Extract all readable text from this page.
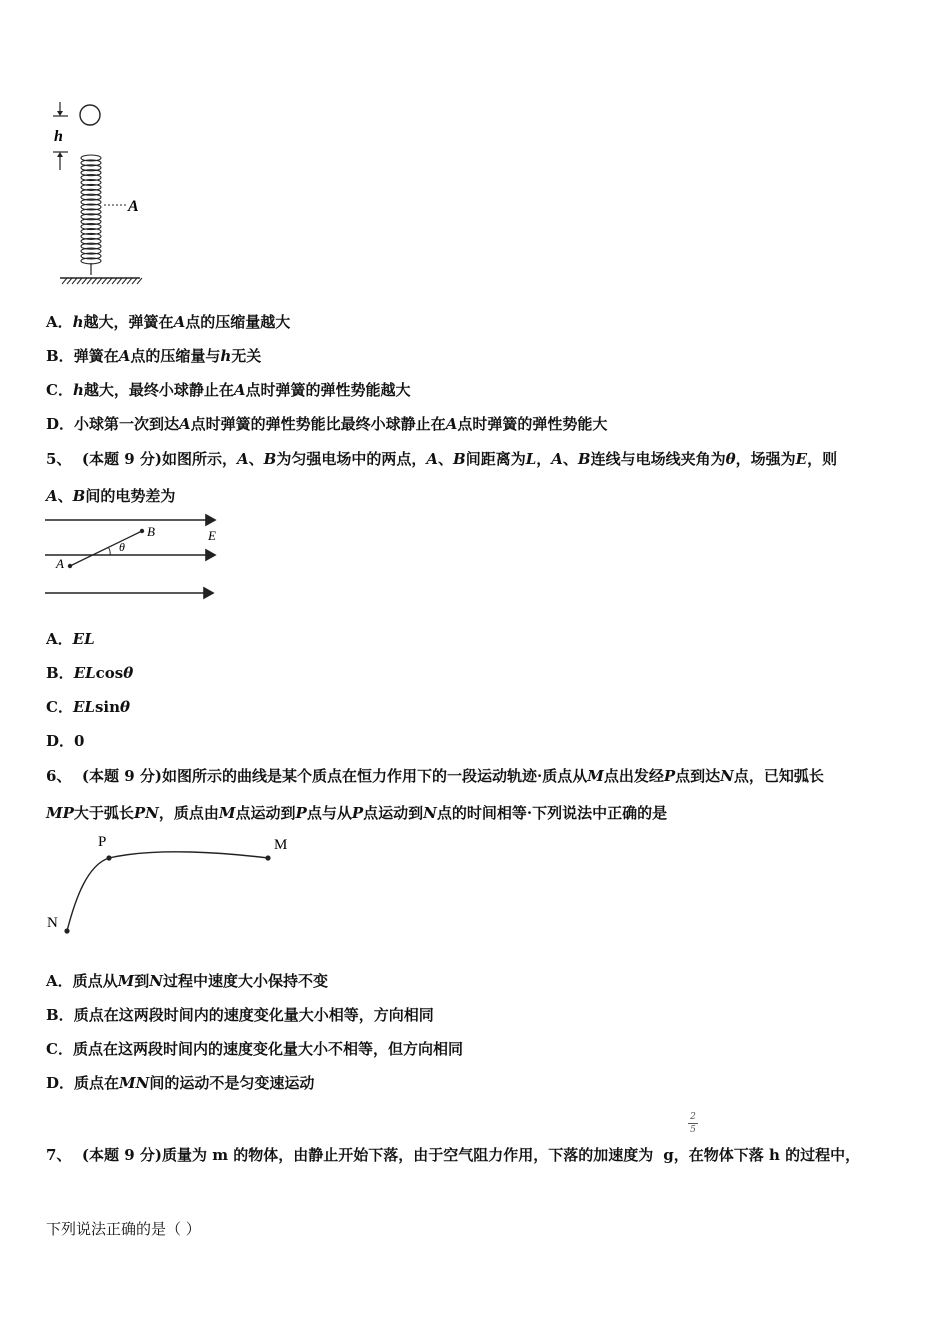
h
A
A．h越大，弹簧在A点的压缩量越大
B．弹簧在A点的压缩量与h无关
C．h越大，最终小球静止在A点时弹簧的弹性势能越大
D．小球第一次到达A点时弹簧的弹性势能比最终小球静止在A点时弹簧的弹性势能大
5、 (本题 9 分)如图所示，A、B为匀强电场中的两点，A、B间距离为L，A、B连线与电场线夹角为θ，场强为E，则
A、B间的电势差为
B	E
θ
A
A．EL
B．ELcosθ
C．ELsinθ
D．0
6、 (本题 9 分)如图所示的曲线是某个质点在恒力作用下的一段运动轨迹·质点从M点出发经P点到达N点，已知弧长
MP大于弧长PN，质点由M点运动到P点与从P点运动到N点的时间相等·下列说法中正确的是
P	M
N
A．质点从M到N过程中速度大小保持不变
B．质点在这两段时间内的速度变化量大小相等，方向相同
C．质点在这两段时间内的速度变化量大小不相等，但方向相同
D．质点在MN间的运动不是匀变速运动
7、 (本题 9 分)质量为 m 的物体，由静止开始下落，由于空气阻力作用，下落的加速度为 g，在物体下落 h 的过程中，
2
5
下列说法正确的是（ ）
